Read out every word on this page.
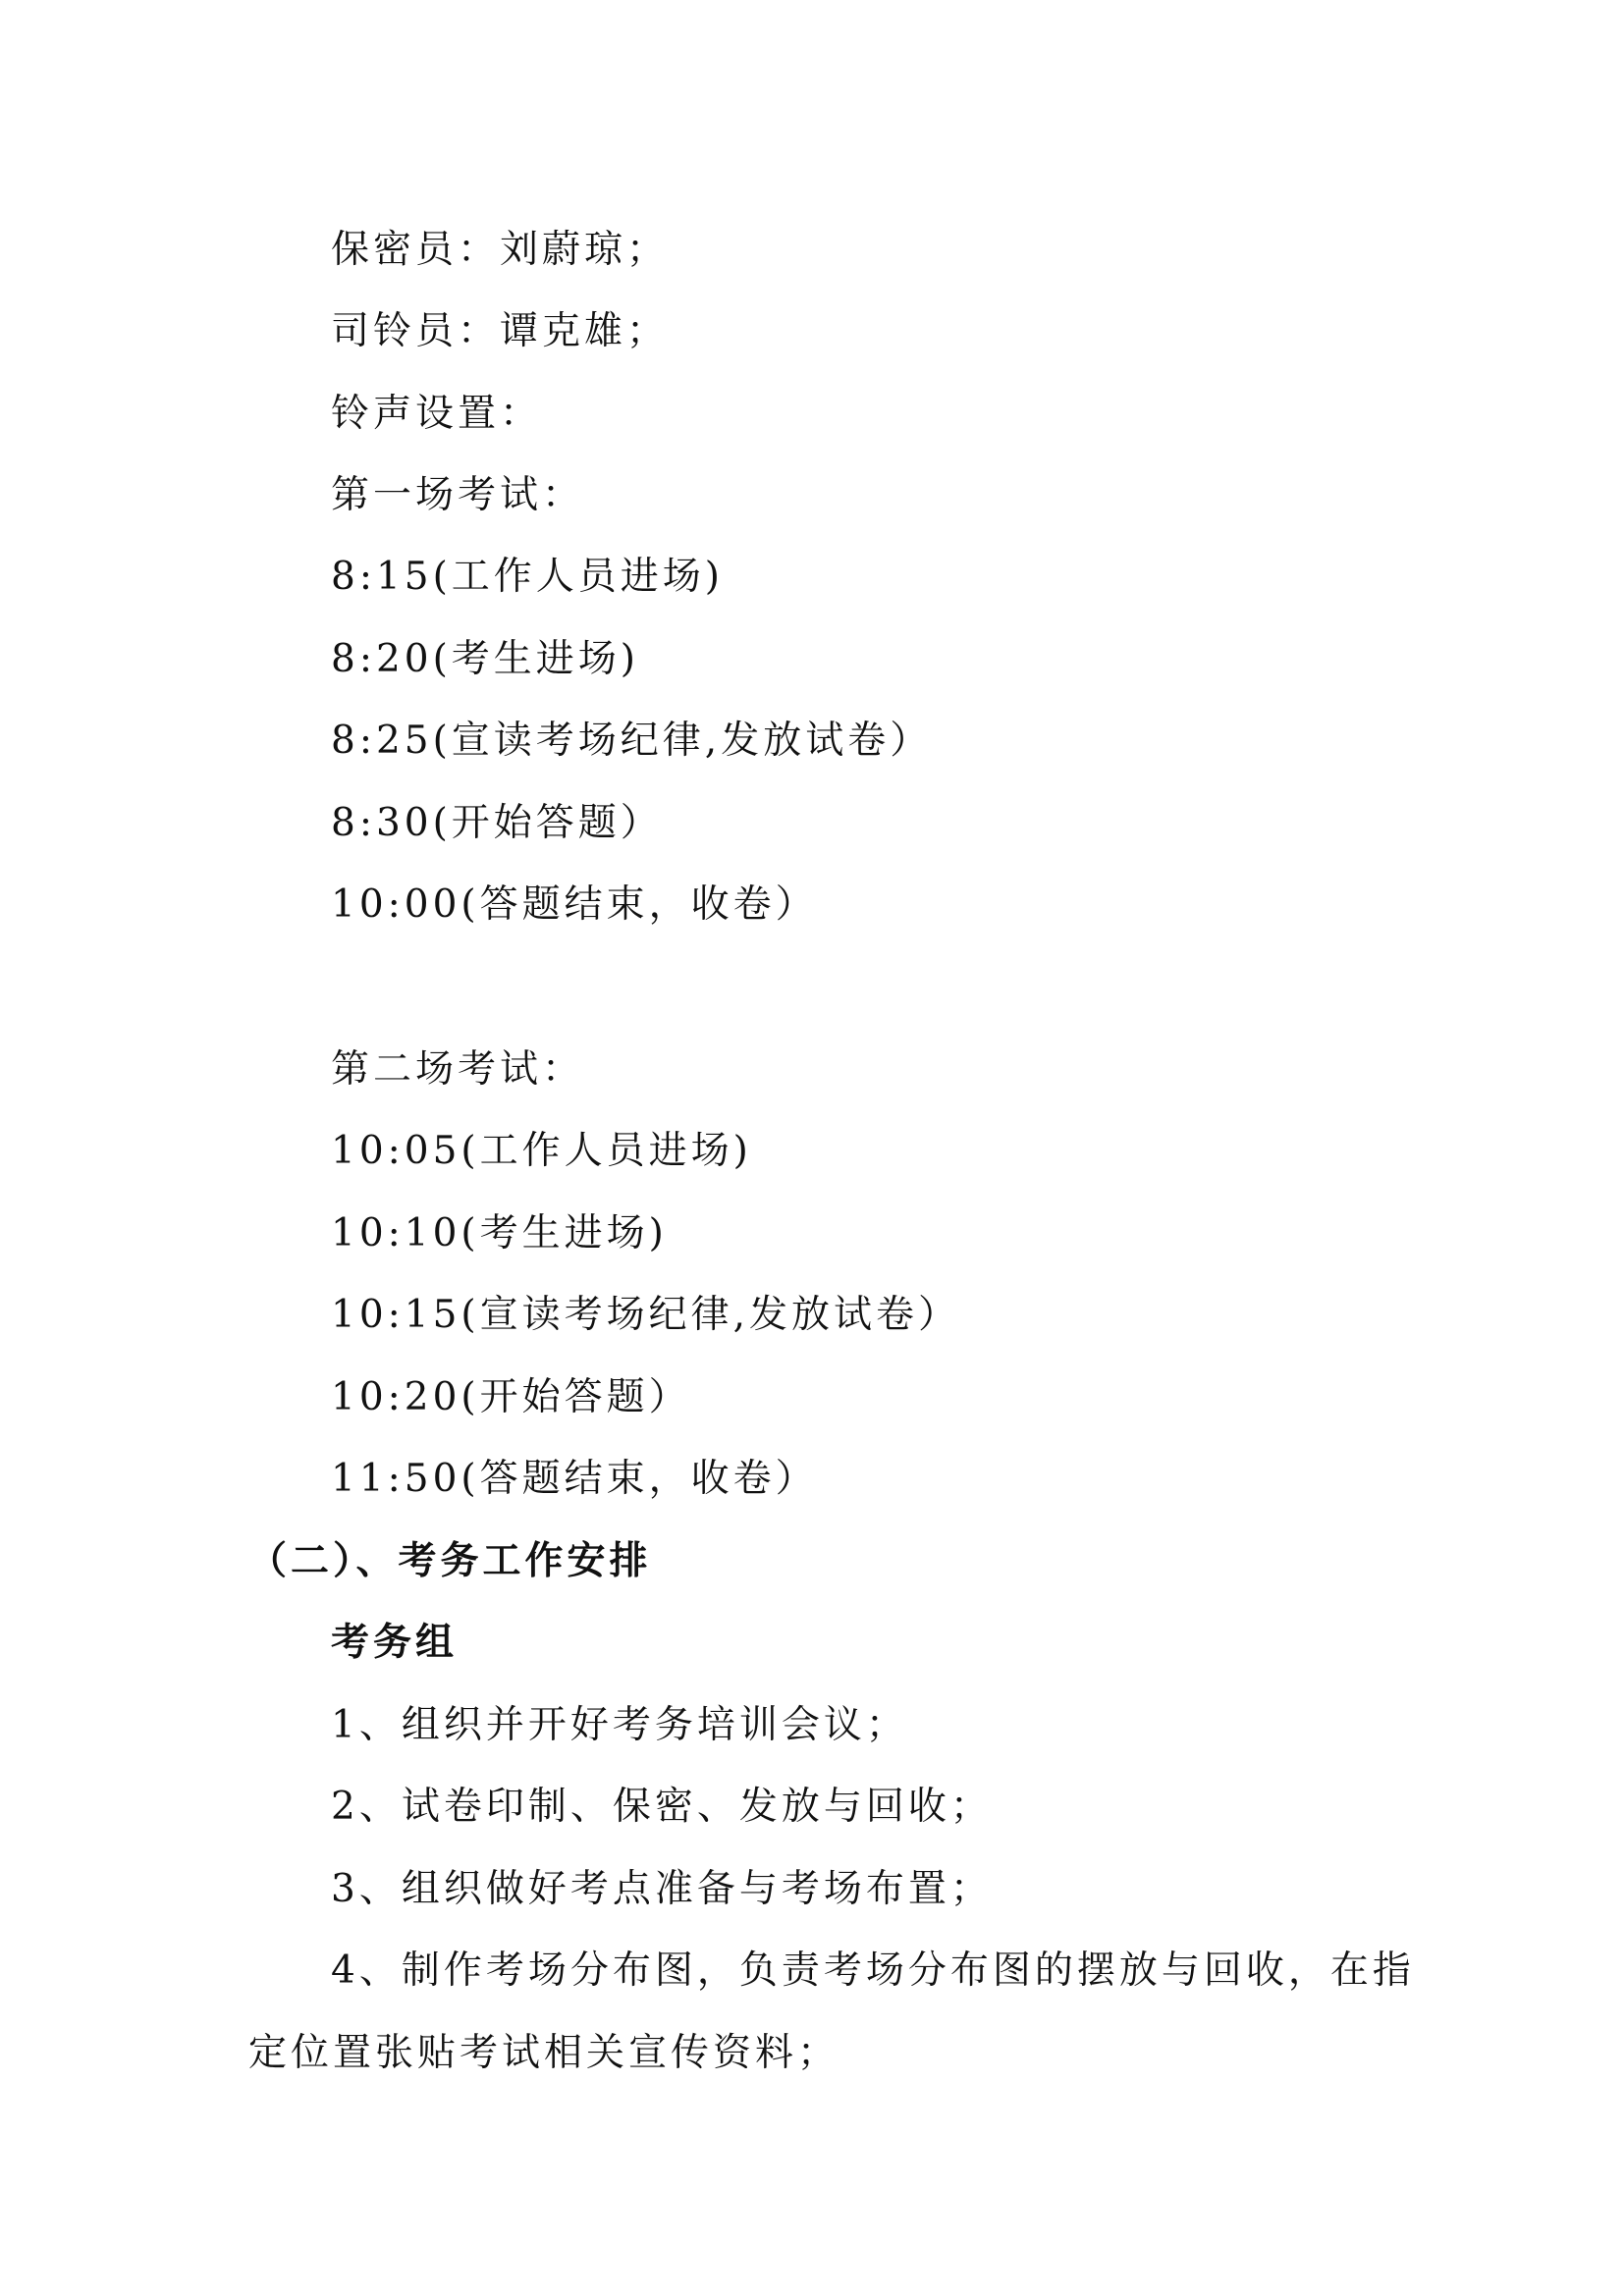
保密员：刘蔚琼；
司铃员：谭克雄；
铃声设置：
第一场考试：
8:15(工作人员进场)
8:20(考生进场)
8:25(宣读考场纪律,发放试卷）
8:30(开始答题）
10:00(答题结束，收卷）
第二场考试：
10:05(工作人员进场)
10:10(考生进场)
10:15(宣读考场纪律,发放试卷）
10:20(开始答题）
11:50(答题结束，收卷）
（二）、考务工作安排
考务组
1、组织并开好考务培训会议；
2、试卷印制、保密、发放与回收；
3、组织做好考点准备与考场布置；
4、制作考场分布图，负责考场分布图的摆放与回收，在指
定位置张贴考试相关宣传资料；
